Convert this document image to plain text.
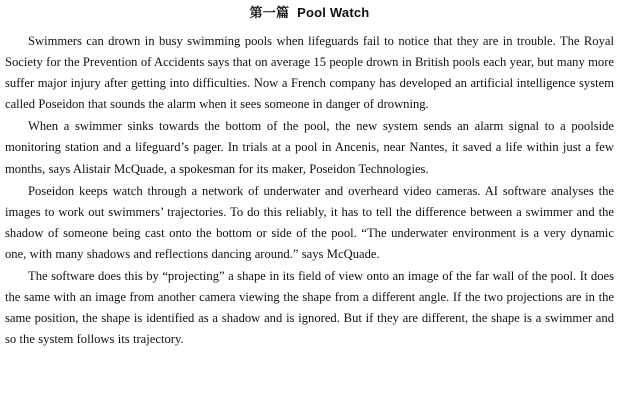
第一篇 Pool Watch

Swimmers can drown in busy swimming pools when lifeguards fail to notice that they are in trouble. The Royal Society for the Prevention of Accidents says that on average 15 people drown in British pools each year, but many more suffer major injury after getting into difficulties. Now a French company has developed an artificial intelligence system called Poseidon that sounds the alarm when it sees someone in danger of drowning.

When a swimmer sinks towards the bottom of the pool, the new system sends an alarm signal to a poolside monitoring station and a lifeguard’s pager. In trials at a pool in Ancenis, near Nantes, it saved a life within just a few months, says Alistair McQuade, a spokesman for its maker, Poseidon Technologies.

Poseidon keeps watch through a network of underwater and overheard video cameras. AI software analyses the images to work out swimmers’ trajectories. To do this reliably, it has to tell the difference between a swimmer and the shadow of someone being cast onto the bottom or side of the pool. “The underwater environment is a very dynamic one, with many shadows and reflections dancing around.” says McQuade.

The software does this by “projecting” a shape in its field of view onto an image of the far wall of the pool. It does the same with an image from another camera viewing the shape from a different angle. If the two projections are in the same position, the shape is identified as a shadow and is ignored. But if they are different, the shape is a swimmer and so the system follows its trajectory.
